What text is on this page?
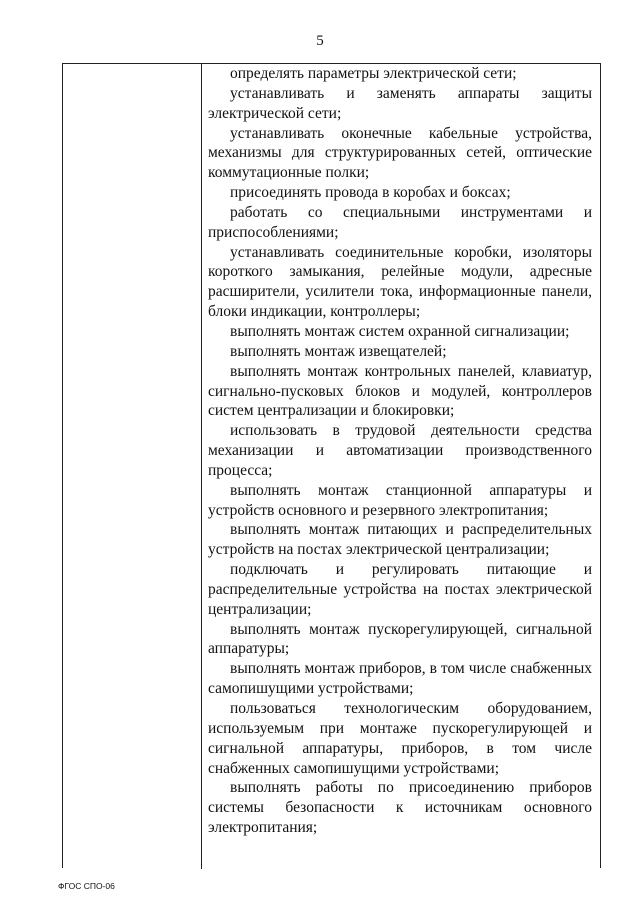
5

определять параметры электрической сети;

устанавливать и заменять аппараты защиты электрической сети;

устанавливать оконечные кабельные устройства, механизмы для структурированных сетей, оптические коммутационные полки;

присоединять провода в коробах и боксах;

работать со специальными инструментами и приспособлениями;

устанавливать соединительные коробки, изоляторы короткого замыкания, релейные модули, адресные расширители, усилители тока, информационные панели, блоки индикации, контроллеры;

выполнять монтаж систем охранной сигнализации;

выполнять монтаж извещателей;

выполнять монтаж контрольных панелей, клавиатур, сигнально-пусковых блоков и модулей, контроллеров систем централизации и блокировки;

использовать в трудовой деятельности средства механизации и автоматизации производственного процесса;

выполнять монтаж станционной аппаратуры и устройств основного и резервного электропитания;

выполнять монтаж питающих и распределительных устройств на постах электрической централизации;

подключать и регулировать питающие и распределительные устройства на постах электрической централизации;

выполнять монтаж пускорегулирующей, сигнальной аппаратуры;

выполнять монтаж приборов, в том числе снабженных самопишущими устройствами;

пользоваться технологическим оборудованием, используемым при монтаже пускорегулирующей и сигнальной аппаратуры, приборов, в том числе снабженных самопишущими устройствами;

выполнять работы по присоединению приборов системы безопасности к источникам основного электропитания;

ФГОС СПО-06
